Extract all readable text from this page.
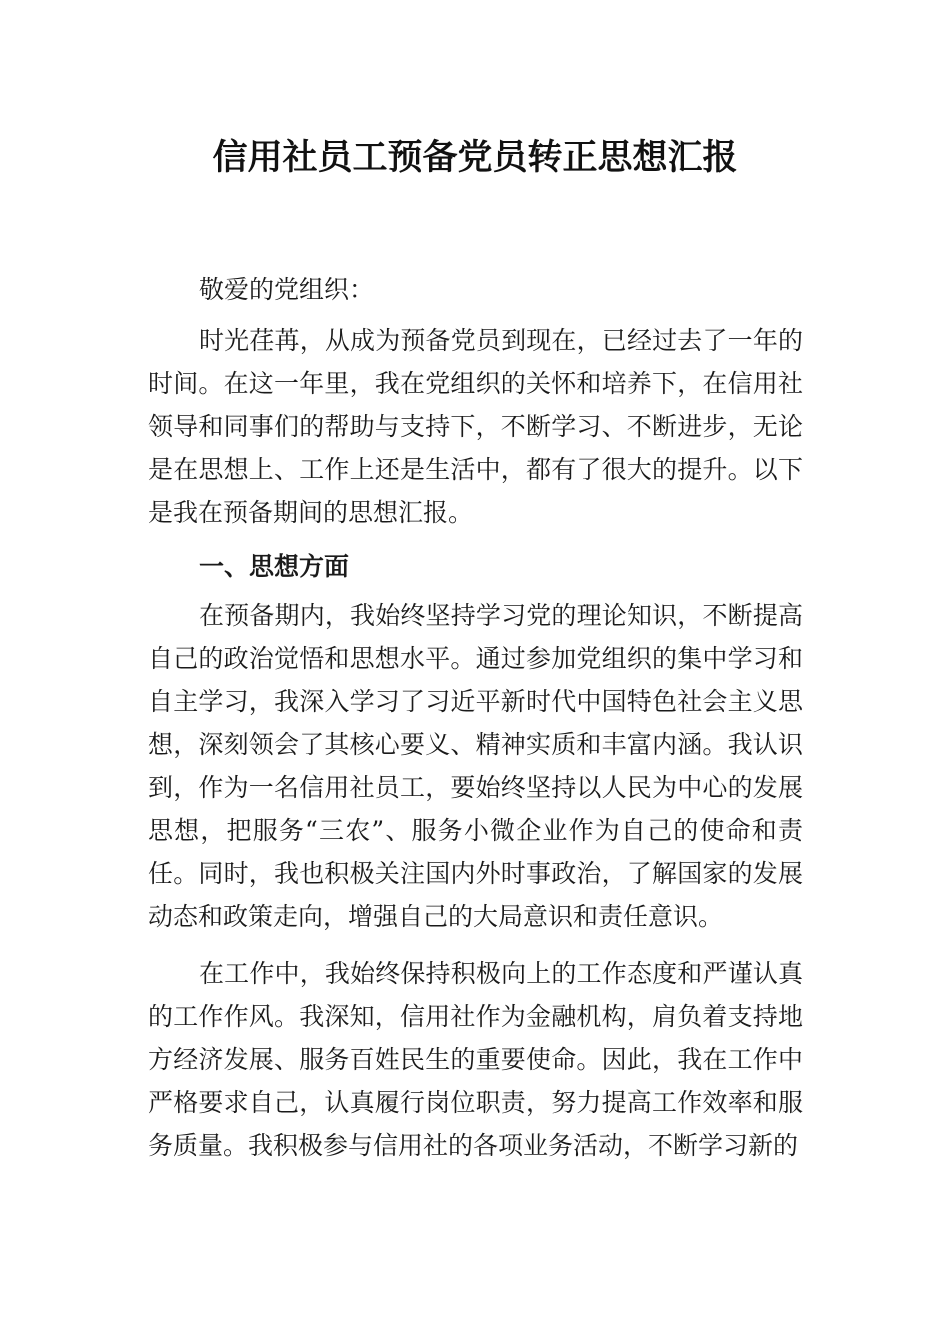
信用社员工预备党员转正思想汇报

敬爱的党组织：

时光荏苒，从成为预备党员到现在，已经过去了一年的时间。在这一年里，我在党组织的关怀和培养下，在信用社领导和同事们的帮助与支持下，不断学习、不断进步，无论是在思想上、工作上还是生活中，都有了很大的提升。以下是我在预备期间的思想汇报。

一、思想方面

在预备期内，我始终坚持学习党的理论知识，不断提高自己的政治觉悟和思想水平。通过参加党组织的集中学习和自主学习，我深入学习了习近平新时代中国特色社会主义思想，深刻领会了其核心要义、精神实质和丰富内涵。我认识到，作为一名信用社员工，要始终坚持以人民为中心的发展思想，把服务“三农”、服务小微企业作为自己的使命和责任。同时，我也积极关注国内外时事政治，了解国家的发展动态和政策走向，增强自己的大局意识和责任意识。

在工作中，我始终保持积极向上的工作态度和严谨认真的工作作风。我深知，信用社作为金融机构，肩负着支持地方经济发展、服务百姓民生的重要使命。因此，我在工作中 严格要求自己，认真履行岗位职责，努力提高工作效率和服 务质量。我积极参与信用社的各项业务活动，不断学习新的
